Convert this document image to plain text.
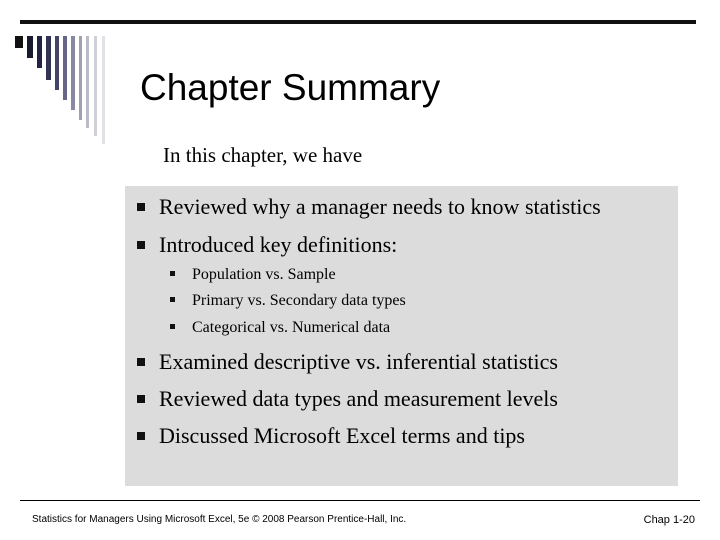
Chapter Summary
In this chapter, we have
Reviewed why a manager needs to know statistics
Introduced key definitions:
Population vs. Sample
Primary vs. Secondary data types
Categorical vs. Numerical data
Examined descriptive vs. inferential statistics
Reviewed data types and measurement levels
Discussed Microsoft Excel terms and tips
Statistics for Managers Using Microsoft Excel, 5e © 2008 Pearson Prentice-Hall, Inc.	Chap 1-20
